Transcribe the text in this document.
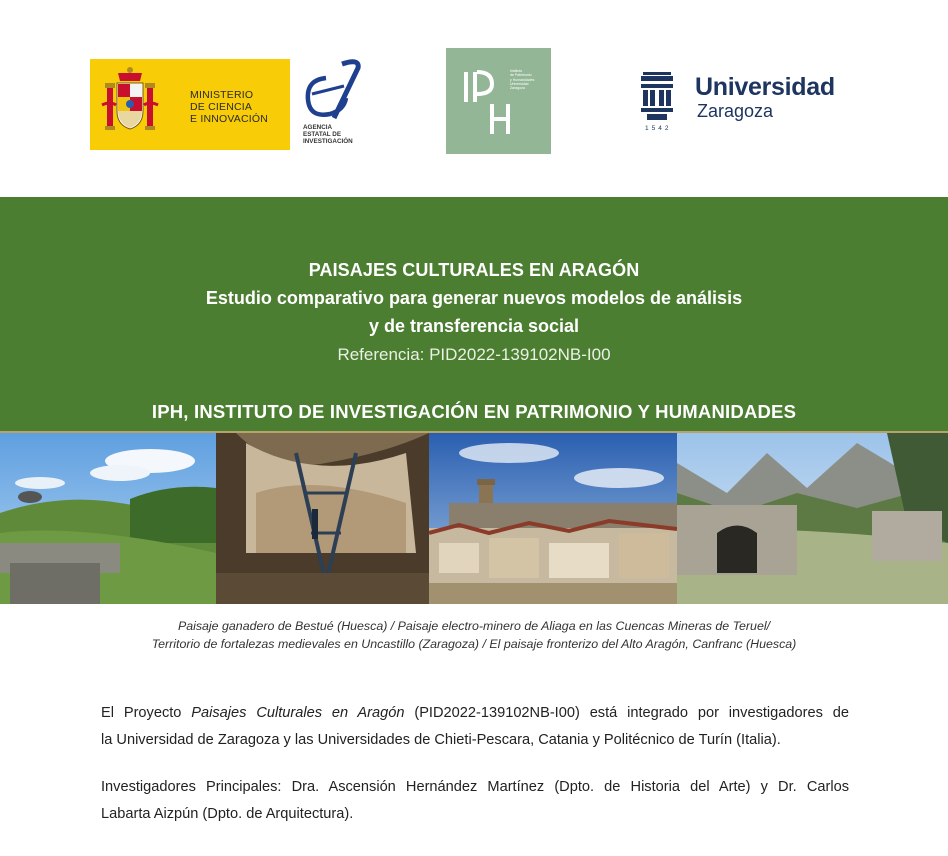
MINISTERIO
DE CIENCIA
E INNOVACIÓN
AGENCIA
ESTATAL DE
INVESTIGACIÓN
Instituto
de Patrimonio
y Humanidades
Universidad
Zaragoza
1542
Universidad
Zaragoza
PAISAJES CULTURALES EN ARAGÓN
Estudio comparativo para generar nuevos modelos de análisis
y de transferencia social
Referencia: PID2022-139102NB-I00
IPH, INSTITUTO DE INVESTIGACIÓN EN PATRIMONIO Y HUMANIDADES
Paisaje ganadero de Bestué (Huesca) / Paisaje electro-minero de Aliaga en las Cuencas Mineras de Teruel/
Territorio de fortalezas medievales en Uncastillo (Zaragoza) / El paisaje fronterizo del Alto Aragón, Canfranc (Huesca)
El Proyecto Paisajes Culturales en Aragón (PID2022-139102NB-I00) está integrado por investigadores de
la Universidad de Zaragoza y las Universidades de Chieti-Pescara, Catania y Politécnico de Turín (Italia).
Investigadores Principales: Dra. Ascensión Hernández Martínez (Dpto. de Historia del Arte) y Dr. Carlos
Labarta Aizpún (Dpto. de Arquitectura).
